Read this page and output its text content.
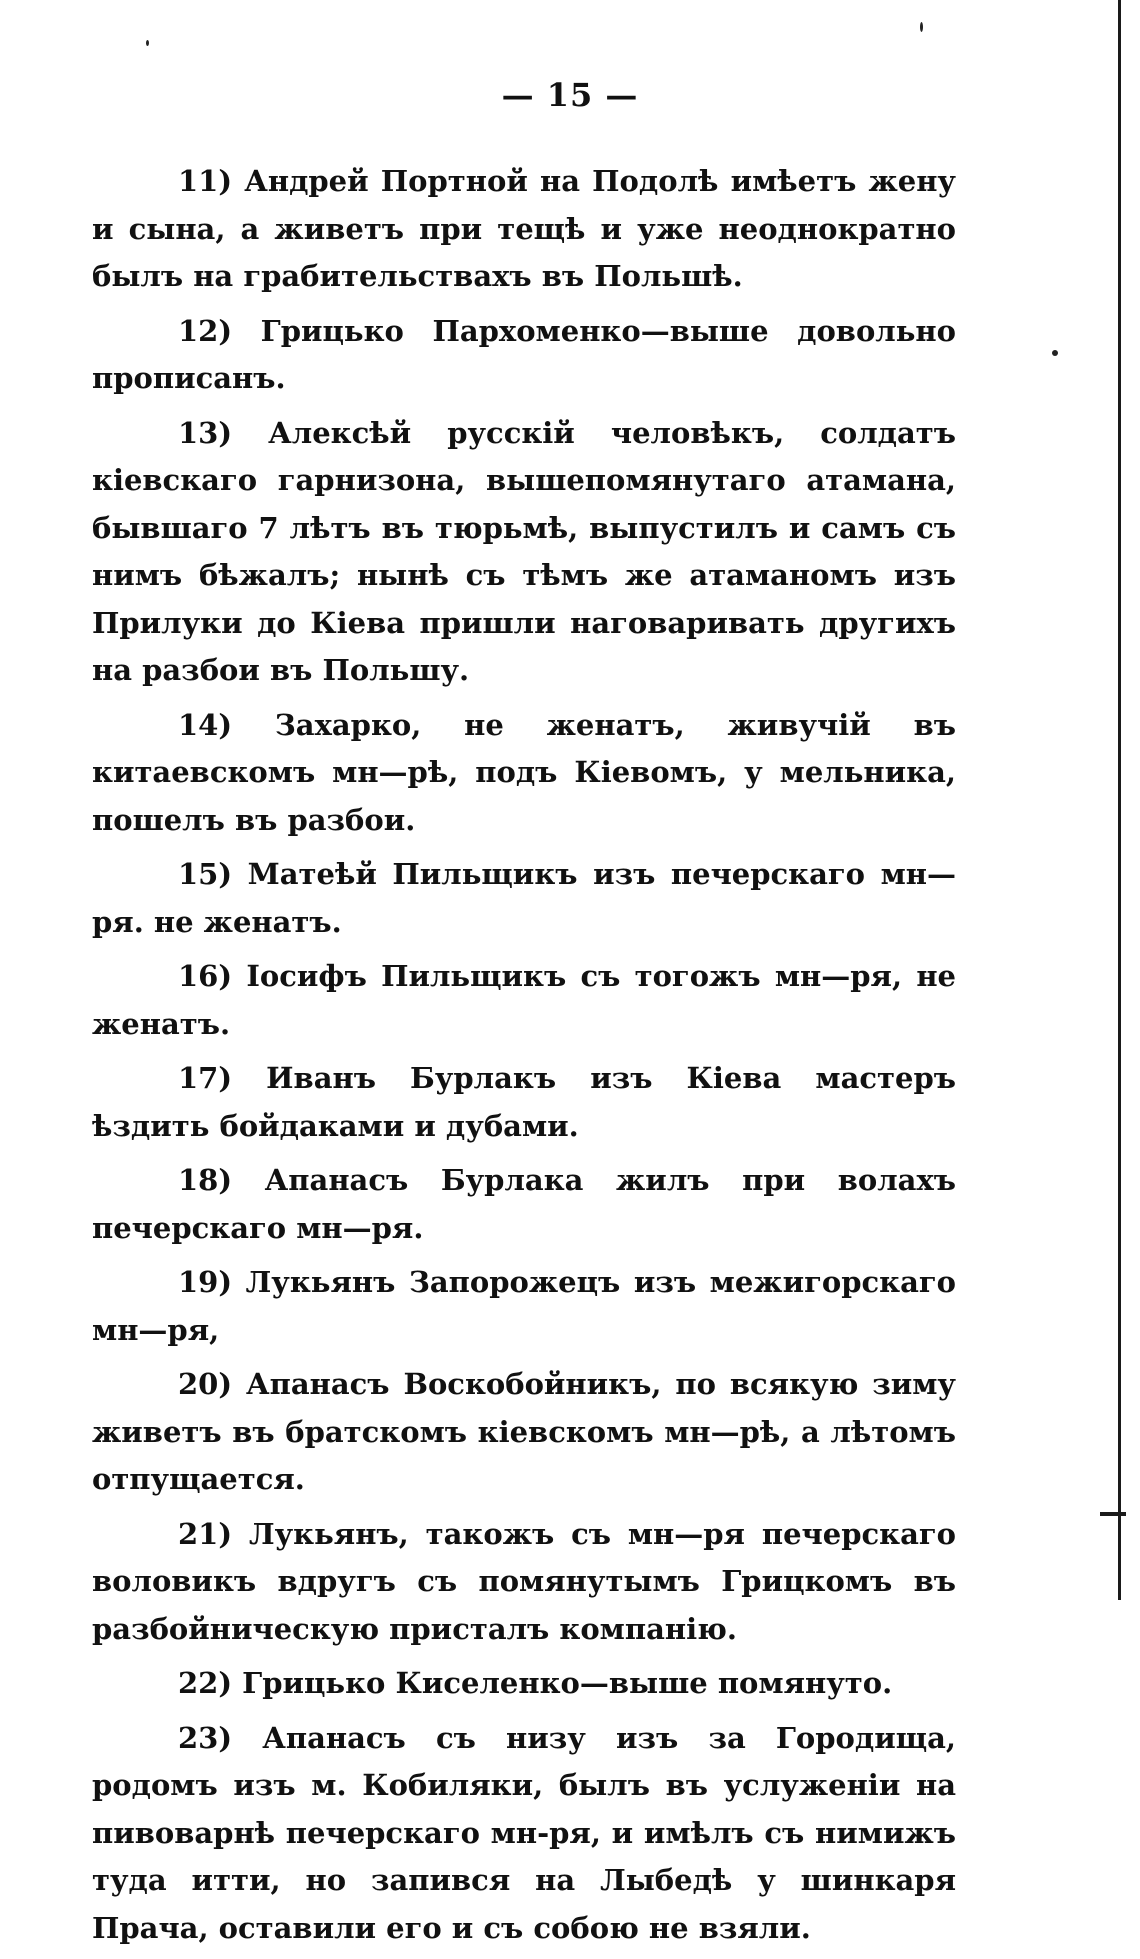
— 15 —

11) Андрей Портной на Подолѣ имѣетъ жену и сына, а живетъ при тещѣ и уже неоднократно былъ на грабительствахъ въ Польшѣ.

12) Грицько Пархоменко—выше довольно прописанъ.

13) Алексѣй русскій человѣкъ, солдатъ кіевскаго гарнизона, вышепомянутаго атамана, бывшаго 7 лѣтъ въ тюрьмѣ, выпустилъ и самъ съ нимъ бѣжалъ; нынѣ съ тѣмъ же атаманомъ изъ Прилуки до Кіева пришли наговаривать другихъ на разбои въ Польшу.

14) Захарко, не женатъ, живучій въ китаевскомъ мн—рѣ, подъ Кіевомъ, у мельника, пошелъ въ разбои.

15) Матеѣй Пильщикъ изъ печерскаго мн—ря. не женатъ.

16) Іосифъ Пильщикъ съ тогожъ мн—ря, не женатъ.

17) Иванъ Бурлакъ изъ Кіева мастеръ ѣздить бойдаками и дубами.

18) Апанасъ Бурлака жилъ при волахъ печерскаго мн—ря.

19) Лукьянъ Запорожецъ изъ межигорскаго мн—ря,

20) Апанасъ Воскобойникъ, по всякую зиму живетъ въ братскомъ кіевскомъ мн—рѣ, а лѣтомъ отпущается.

21) Лукьянъ, такожъ съ мн—ря печерскаго воловикъ вдругъ съ помянутымъ Грицкомъ въ разбойническую присталъ компанію.

22) Грицько Киселенко—выше помянуто.

23) Апанасъ съ низу изъ за Городища, родомъ изъ м. Кобиляки, былъ въ услуженіи на пивоварнѣ печерскаго мн-ря, и имѣлъ съ нимижъ туда итти, но запився на Лыбедѣ у шинкаря Прача, оставили его и съ собою не взяли.
